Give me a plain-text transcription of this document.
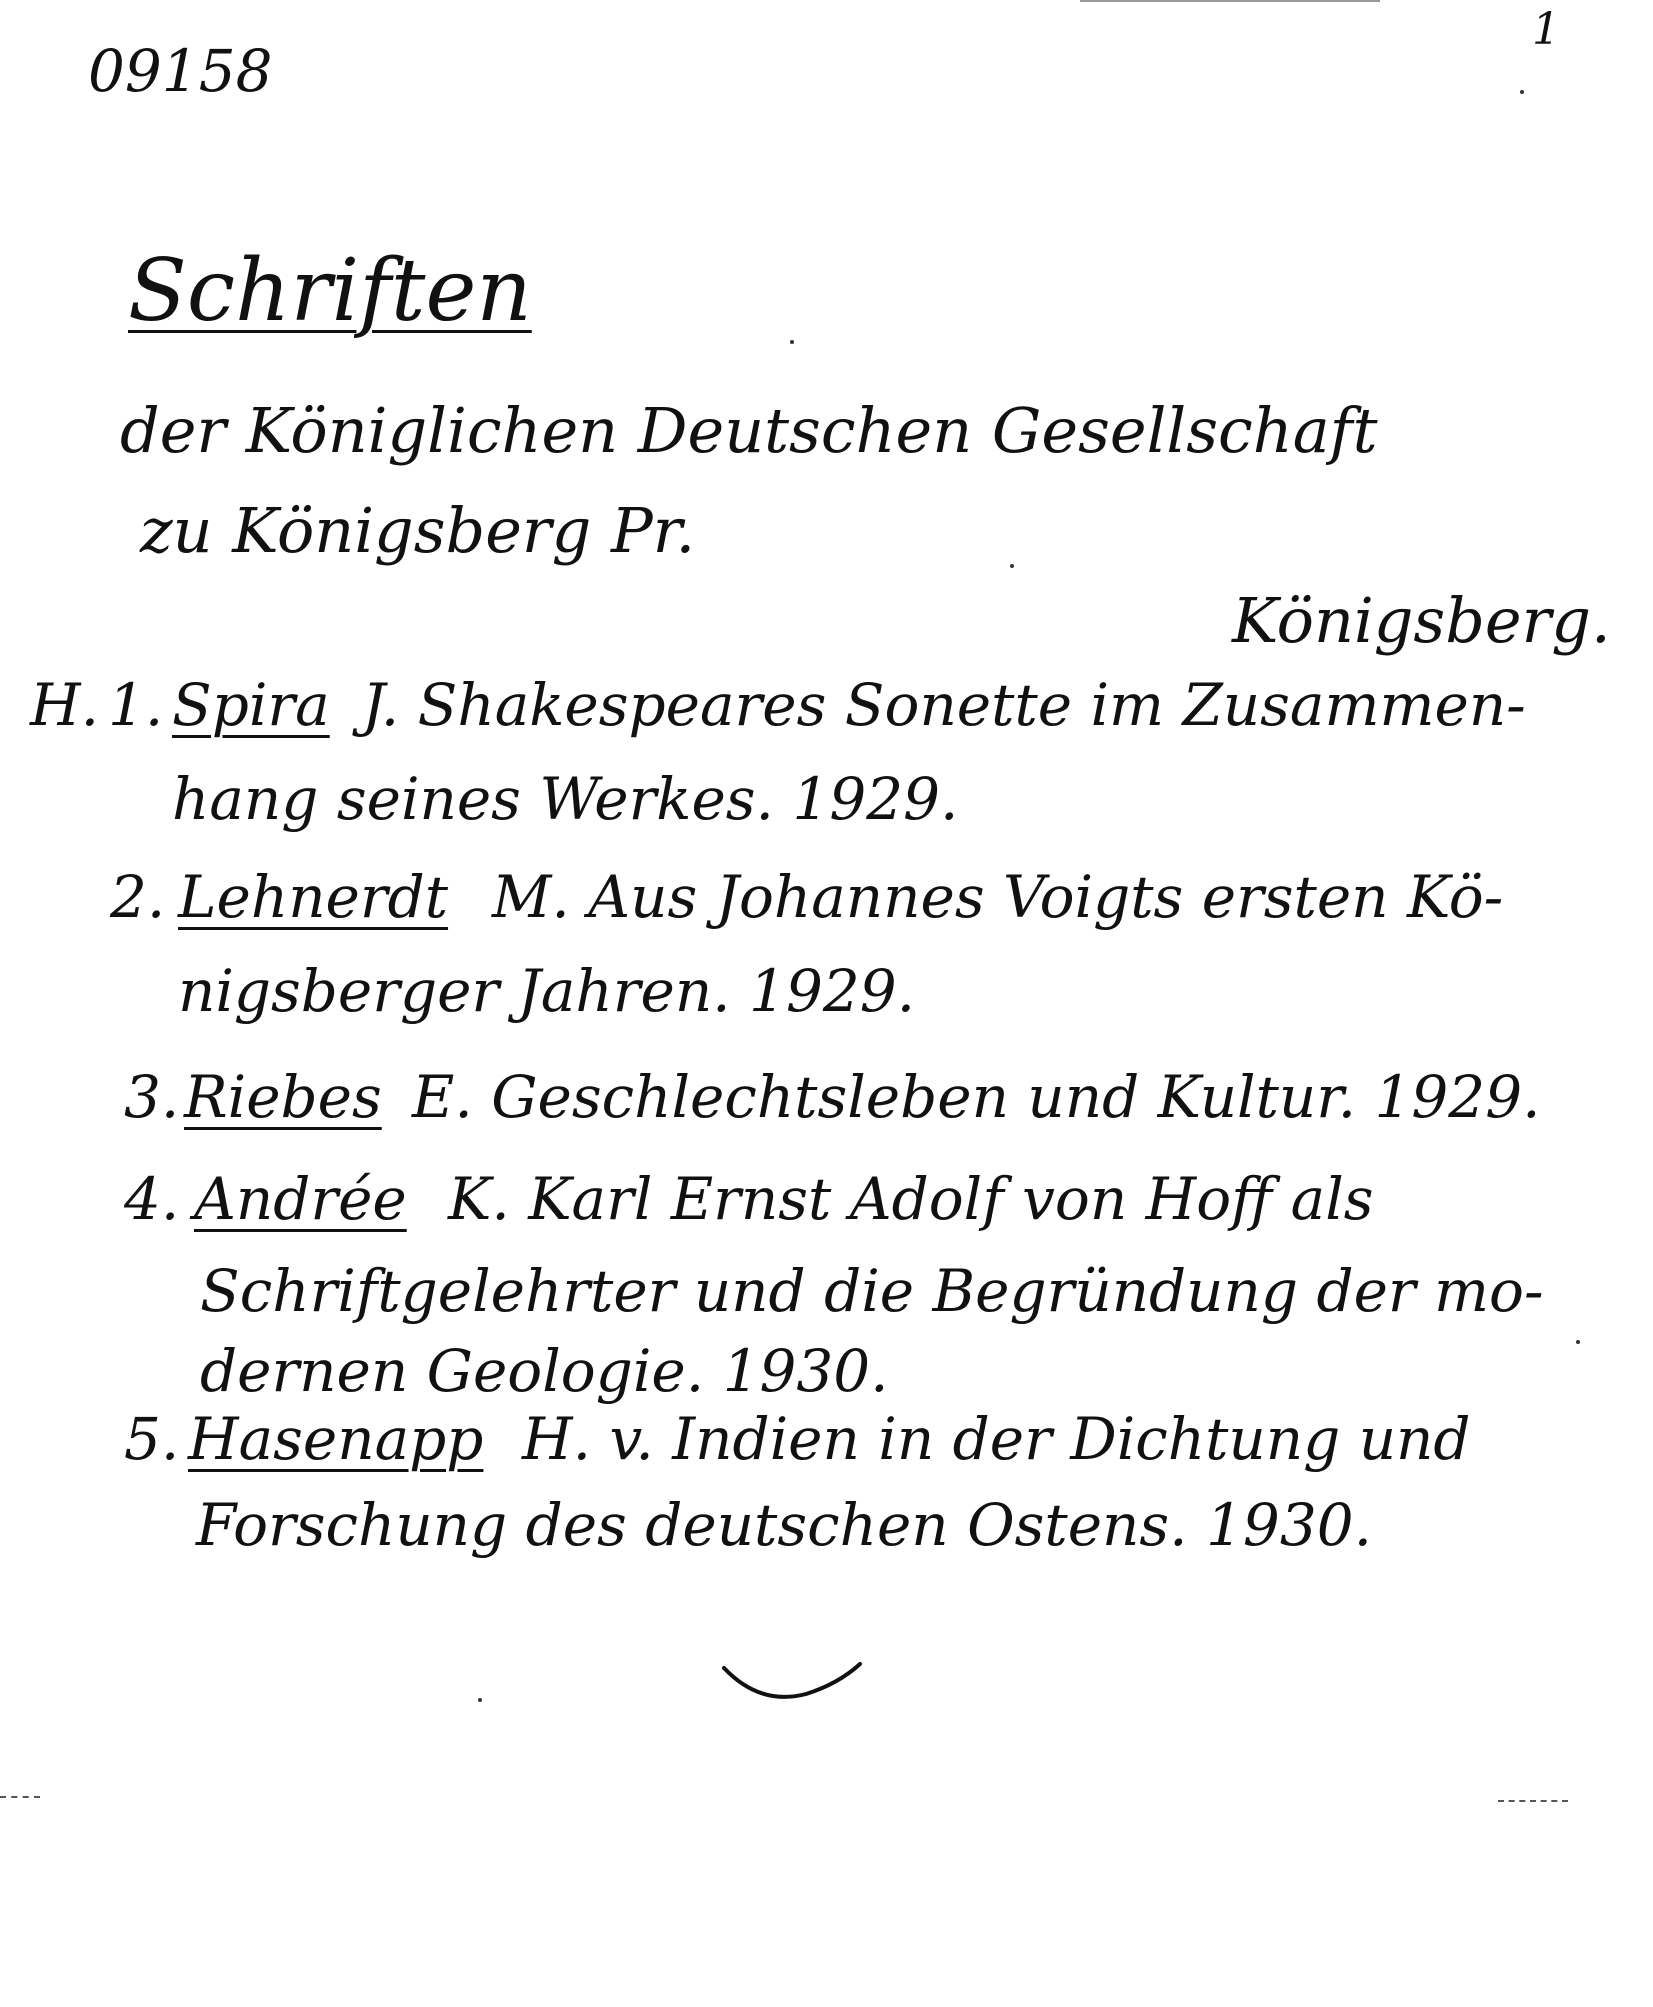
09158
1
Schriften
der Königlichen Deutschen Gesellschaft
zu Königsberg Pr.
Königsberg.
H. 1. Spira J. Shakespeares Sonette im Zusammen-
hang seines Werkes. 1929.
2. Lehnerdt M. Aus Johannes Voigts ersten Kö-
nigsberger Jahren. 1929.
3. Riebes E. Geschlechtsleben und Kultur. 1929.
4. Andrée K. Karl Ernst Adolf von Hoff als
Schriftgelehrter und die Begründung der mo-
dernen Geologie. 1930.
5. Hasenapp H. v. Indien in der Dichtung und
Forschung des deutschen Ostens. 1930.
